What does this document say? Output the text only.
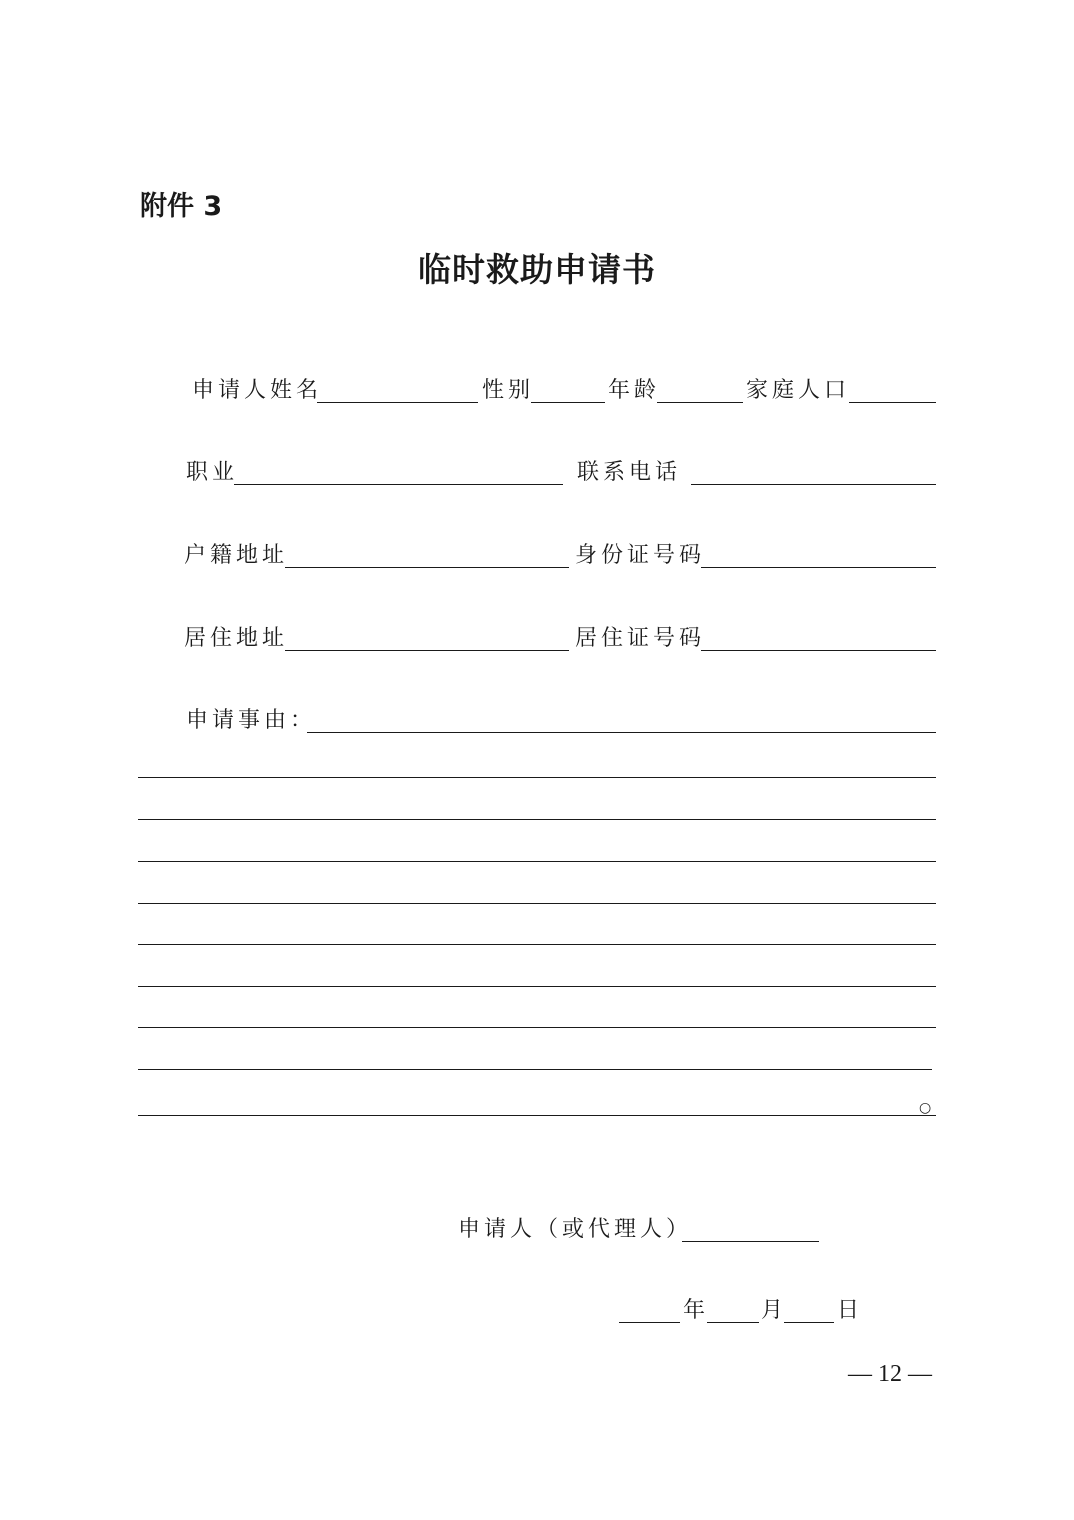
附件 3
临时救助申请书
申请人姓名	性别	年龄	家庭人口
职业	联系电话
户籍地址	身份证号码
居住地址	居住证号码
申请事由：
○
申请人（或代理人）
年 月 日
— 12 —
